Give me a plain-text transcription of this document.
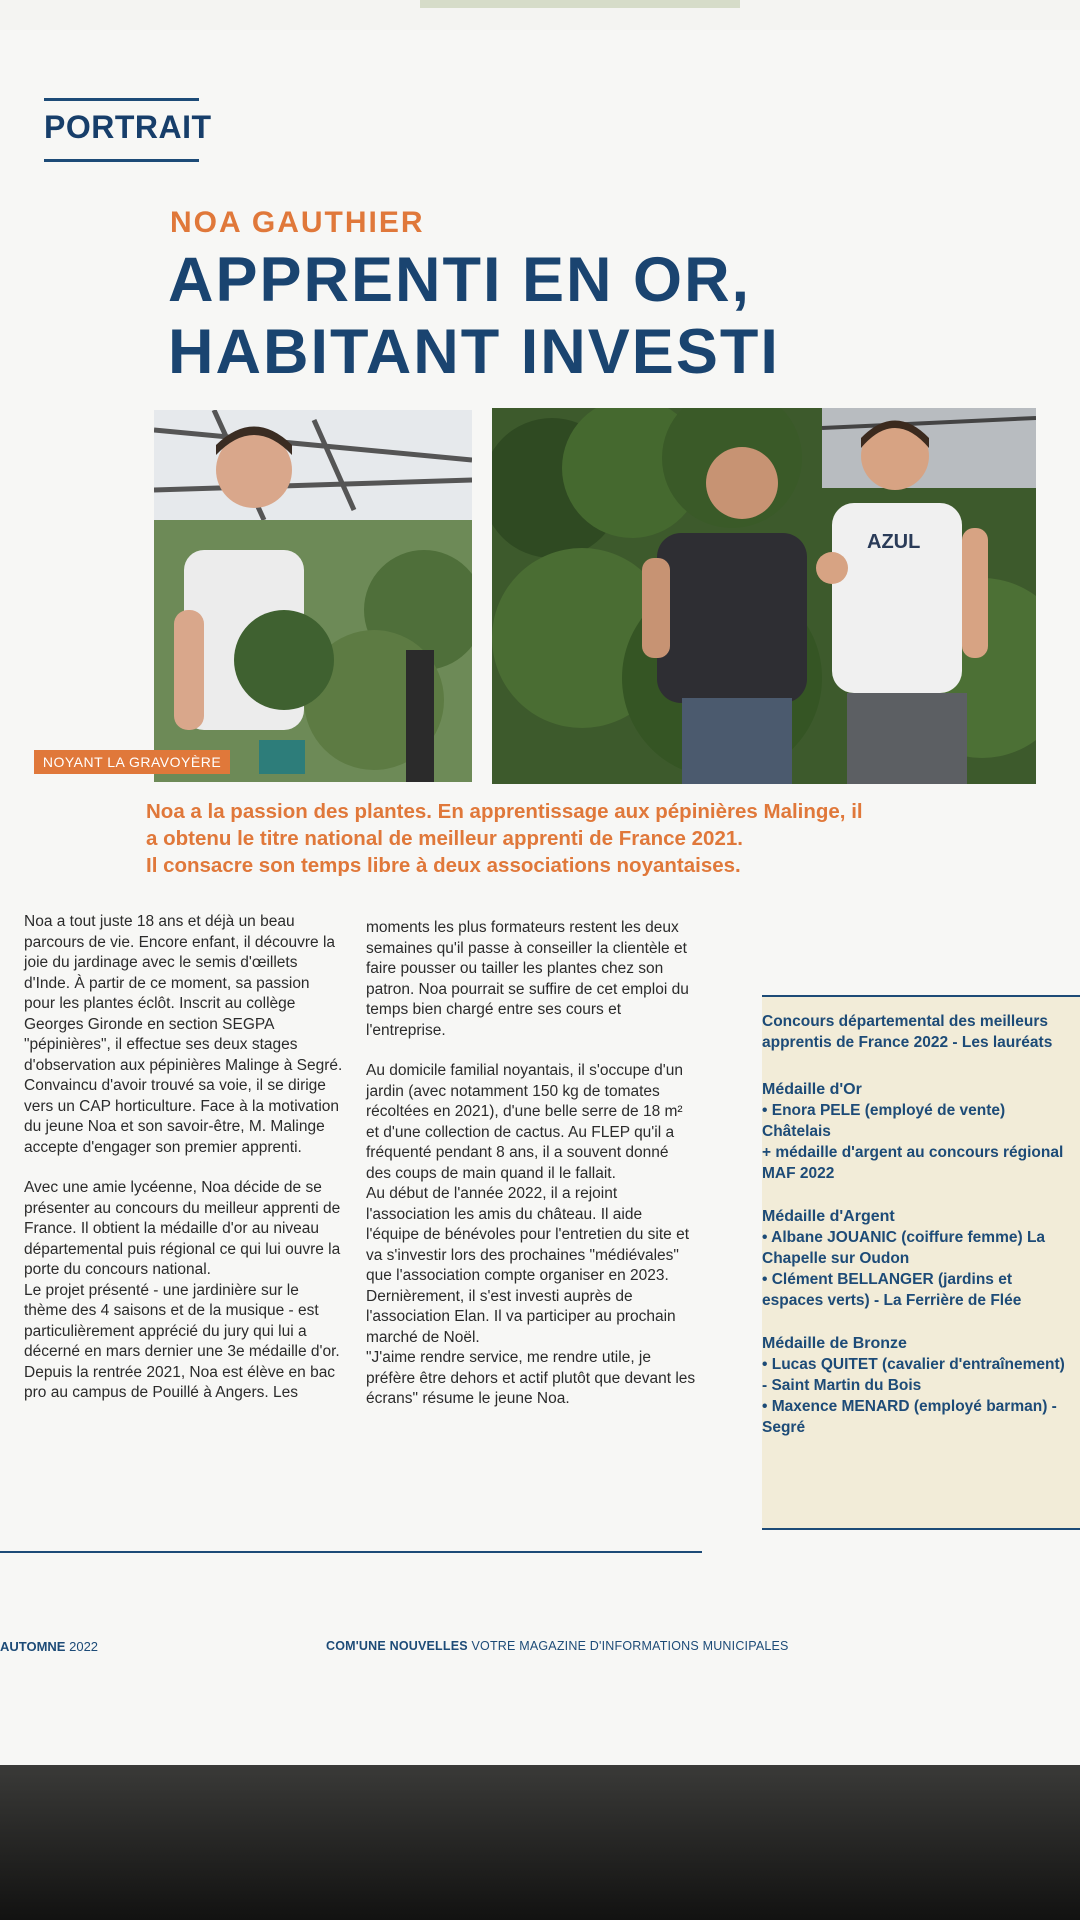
PORTRAIT
NOA GAUTHIER
APPRENTI EN OR,
HABITANT INVESTI
AZUL
NOYANT LA GRAVOYÈRE

Noa a la passion des plantes. En apprentissage aux pépinières Malinge, il

a obtenu le titre national de meilleur apprenti de France 2021.

Il consacre son temps libre à deux associations noyantaises.

Noa a tout juste 18 ans et déjà un beau parcours de vie. Encore enfant, il découvre la joie du jardinage avec le semis d'œillets d'Inde. À partir de ce moment, sa passion pour les plantes éclôt. Inscrit au collège Georges Gironde en section SEGPA "pépinières", il effectue ses deux stages d'observation aux pépinières Malinge à Segré.

Convaincu d'avoir trouvé sa voie, il se dirige vers un CAP horticulture. Face à la motivation du jeune Noa et son savoir-être, M. Malinge accepte d'engager son premier apprenti.

Avec une amie lycéenne, Noa décide de se présenter au concours du meilleur apprenti de France. Il obtient la médaille d'or au niveau départemental puis régional ce qui lui ouvre la porte du concours national.

Le projet présenté - une jardinière sur le thème des 4 saisons et de la musique - est particulièrement apprécié du jury qui lui a décerné en mars dernier une 3e médaille d'or.

Depuis la rentrée 2021, Noa est élève en bac pro au campus de Pouillé à Angers. Les

moments les plus formateurs restent les deux semaines qu'il passe à conseiller la clientèle et faire pousser ou tailler les plantes chez son patron. Noa pourrait se suffire de cet emploi du temps bien chargé entre ses cours et l'entreprise.

Au domicile familial noyantais, il s'occupe d'un jardin (avec notamment 150 kg de tomates récoltées en 2021), d'une belle serre de 18 m² et d'une collection de cactus. Au FLEP qu'il a fréquenté pendant 8 ans, il a souvent donné des coups de main quand il le fallait.

Au début de l'année 2022, il a rejoint l'association les amis du château. Il aide l'équipe de bénévoles pour l'entretien du site et va s'investir lors des prochaines "médiévales" que l'association compte organiser en 2023.

Dernièrement, il s'est investi auprès de l'association Elan. Il va participer au prochain marché de Noël.

"J'aime rendre service, me rendre utile, je préfère être dehors et actif plutôt que devant les écrans" résume le jeune Noa.

Concours départemental des meilleurs apprentis de France 2022 - Les lauréats

Médaille d'Or

• Enora PELE (employé de vente) Châtelais

+ médaille d'argent au concours régional MAF 2022

Médaille d'Argent

• Albane JOUANIC (coiffure femme) La Chapelle sur Oudon

• Clément BELLANGER (jardins et espaces verts) - La Ferrière de Flée

Médaille de Bronze

• Lucas QUITET (cavalier d'entraînement) - Saint Martin du Bois

• Maxence MENARD (employé barman) - Segré

AUTOMNE 2022	COM'UNE NOUVELLES VOTRE MAGAZINE D'INFORMATIONS MUNICIPALES
